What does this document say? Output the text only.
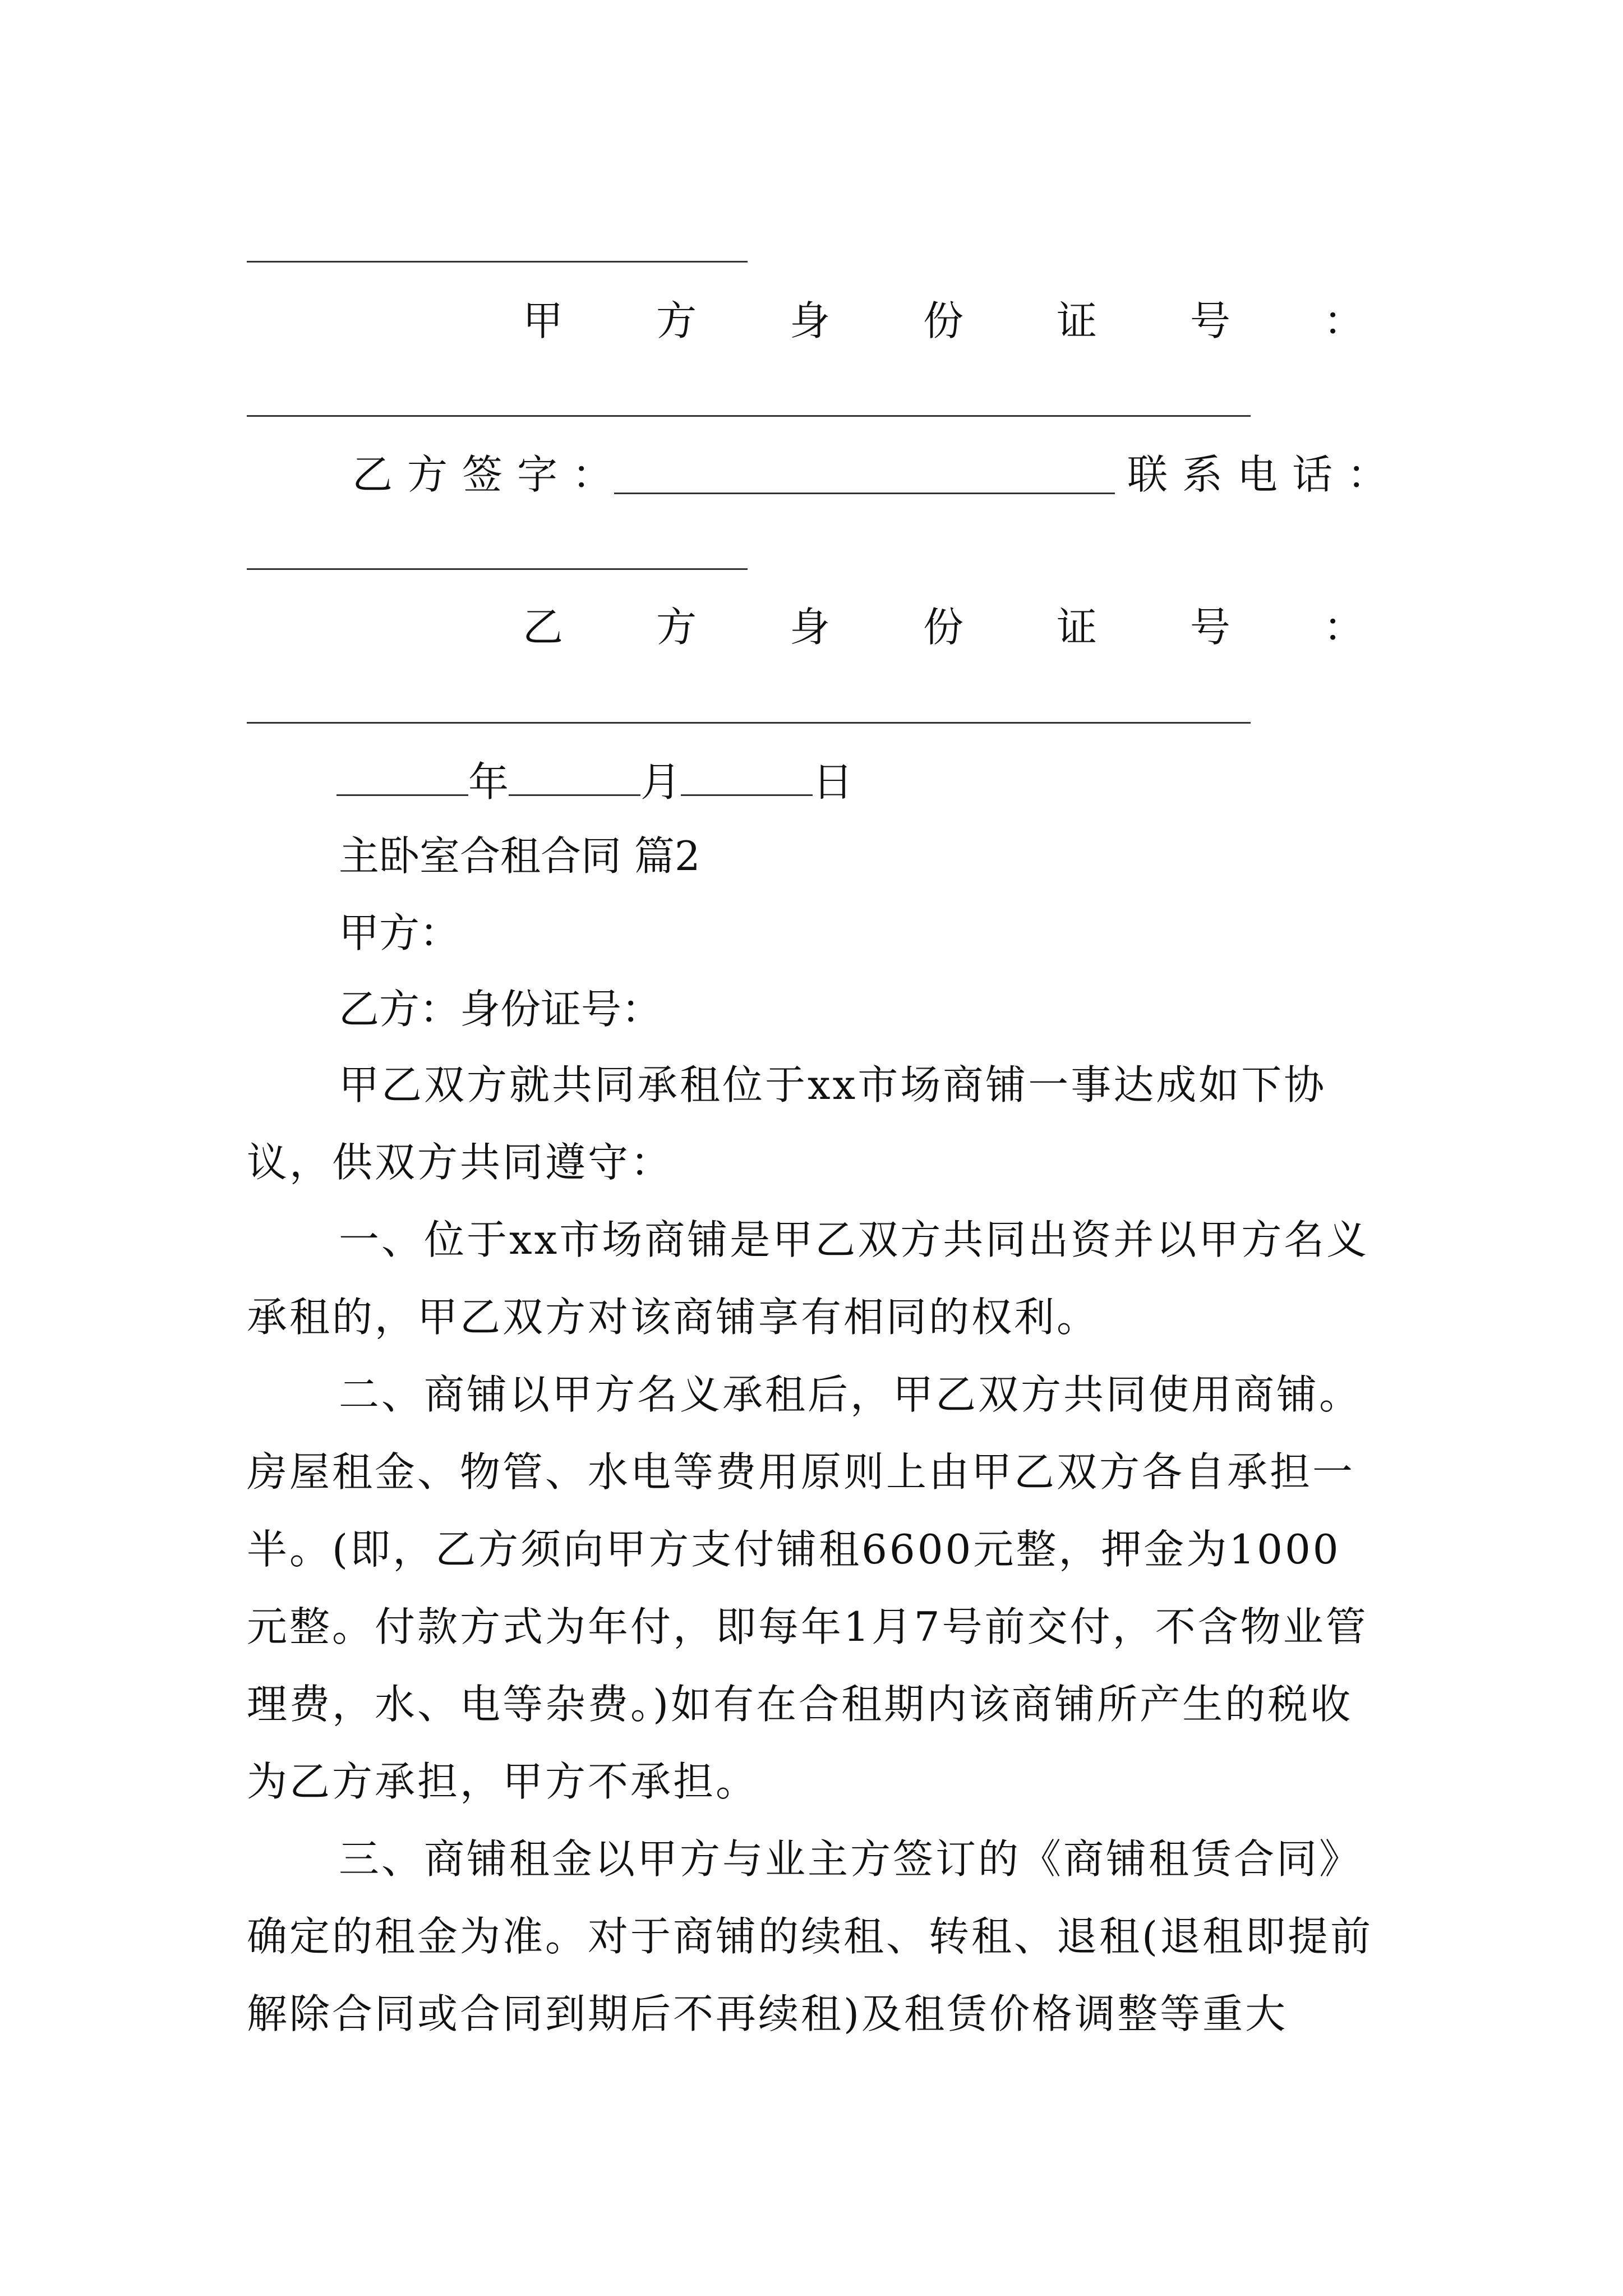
甲 方 身 份 证 号 ：
乙方签字：	联系电话：
乙 方 身 份 证 号 ：
年	月	日
主卧室合租合同 篇2
甲方：
乙方：身份证号：

甲乙双方就共同承租位于xx市场商铺一事达成如下协议，供双方共同遵守：

一、位于xx市场商铺是甲乙双方共同出资并以甲方名义承租的，甲乙双方对该商铺享有相同的权利。

二、商铺以甲方名义承租后，甲乙双方共同使用商铺。房屋租金、物管、水电等费用原则上由甲乙双方各自承担一半。(即，乙方须向甲方支付铺租6600元整，押金为1000元整。付款方式为年付，即每年1月7号前交付，不含物业管理费，水、电等杂费。)如有在合租期内该商铺所产生的税收为乙方承担，甲方不承担。

三、商铺租金以甲方与业主方签订的《商铺租赁合同》确定的租金为准。对于商铺的续租、转租、退租(退租即提前解除合同或合同到期后不再续租)及租赁价格调整等重大
